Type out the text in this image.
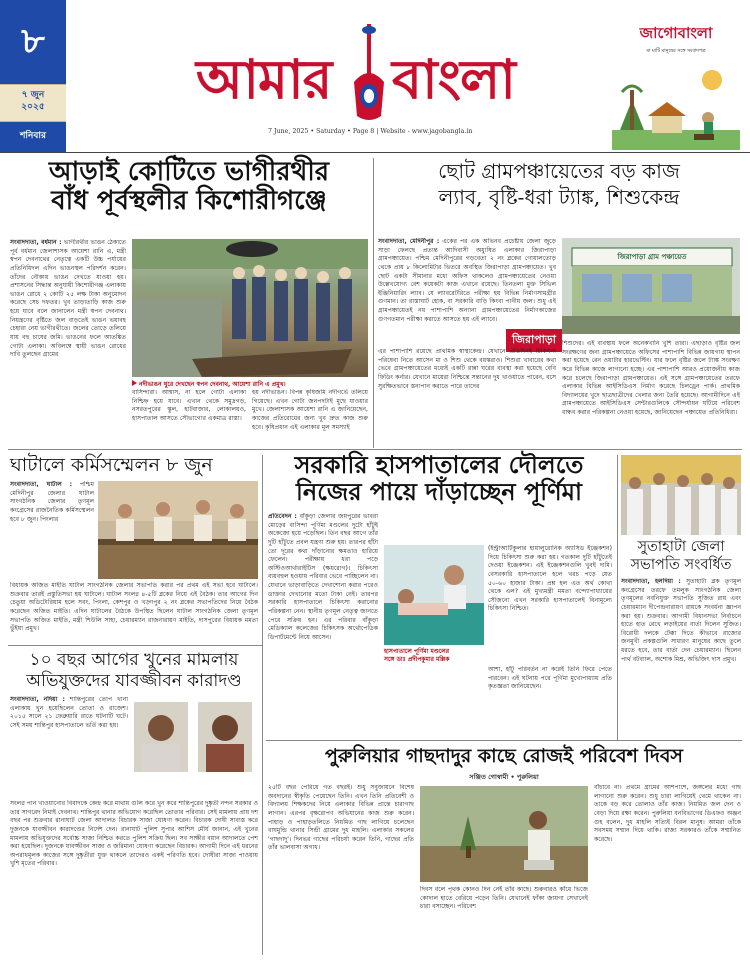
৮
৭ জুন ২০২৫
শনিবার
আমার বাংলা
7 June, 2025 • Saturday • Page 8 | Website - www.jagobangla.in
জাগোবাংলা
মা মাটি মানুষের সঙ্গে সংবাদপত্র
আড়াই কোটিতে ভাগীরথীর
বাঁধ পূর্বস্থলীর কিশোরীগঞ্জে
সংবাদদাতা, বর্ধমান : ভাগীরথীর ভাঙন ঠেকাতে পূর্ব বর্ধমান জেলাশাসক আয়েশা রানি এ, মন্ত্রী স্বপন দেবনাথের নেতৃত্বে একটি উচ্চ পর্যায়ের প্রতিনিধিদল এদিন ভাঙনস্থল পরিদর্শন করেন। তাঁদের নৌকায় ভাঙন দেখতে যাওয়া হয়। প্রশাসনের সিদ্ধান্ত অনুযায়ী কিশোরীগঞ্জ এলাকায় ভাঙন রোধে ২ কোটি ২৫ লক্ষ টাকা অনুমোদন করেছে সেচ দফতর। খুব তাড়াতাড়ি কাজ শুরু হয়ে যাবে বলে জানালেন মন্ত্রী স্বপন দেবনাথ। নিয়ন্ত্রণের বৃষ্টিতে জল বাড়তেই ভাঙন ভয়াবহ চেহারা নেয় ভাগীরথীতে। জলের তোড়ে তলিয়ে যায় বহু চাষের জমি। ভাঙনের ফলে আতঙ্কিত গোটা এলাকা। অবিলম্বে স্থায়ী ভাঙন রোধের দাবি তুলছেন গ্রামের
নদীভাঙন ঘুরে দেখছেন স্বপন দেবনাথ, আয়েশা রানি এ প্রমুখ।
বাসিন্দারা। আশ্বাস, না হলে গোটা এলাকা নিশ্চিহ্ন হয়ে যাবে। এখান থেকে সমুদ্রগড়, নসরতপুরের স্কুল, হাটবাজার, লোকালয়ও, হাসপাতাল আসতে সৌভাগ্যের একমাত্র রাস্তা।
হয় নদীভাঙন। বিপন্ন কৃষিজমি নদীগর্ভে তলিয়ে গিয়েছে। এখন গোটা জনপদটাই মুছে যাওয়ার মুখে। জেলাশাসক আয়েশা রানি এ জানিয়েছেন, কাজের প্রতিরোধের জন্য খুব দ্রুত কাজ শুরু হবে। কৃষিপ্রধান এই এলাকার মূল সমস্যাই
ছোট গ্রামপঞ্চায়েতের বড় কাজ
ল্যাব, বৃষ্টি-ধরা ট্যাঙ্ক, শিশুকেন্দ্র
সংবাদদাতা, মেদিনীপুর : একের পর এক অভিনব প্রচেষ্টায় জেলা জুড়ে সাড়া ফেলছে প্রত্যন্ত আদিবাসী অধ্যুষিত এলাকার জিরাপাড়া গ্রামপঞ্চায়েত। পশ্চিম মেদিনীপুরের গড়বেতা ২ নং ব্লকের গোয়ালতোড় থেকে প্রায় ৮ কিলোমিটার ভিতরে অবস্থিত জিরাপাড়া গ্রামপঞ্চায়েত। খুব ছোট একটা সীমানার মধ্যে অফিস থাকলেও গ্রামপঞ্চায়েতের নেওয়া উল্লেখযোগ্য বেশ কয়েকটা কাজ এখানে রয়েছে। তিনতলা মুক্ত সিভিল ইঞ্জিনিয়ারিং ল্যাব। যে ল্যাবরেটরিতে পরীক্ষা হয় বিভিন্ন নির্মাণসামগ্রীর গুণমান। তা রাস্তাঘাট হোক, বা সরকারি বাড়ি কিংবা পানীয় জল। শুধু এই গ্রামপঞ্চায়েতই নয় পাশাপাশি অন্যান্য গ্রামপঞ্চায়েতের নির্মাণকাজের গুণগতমান পরীক্ষা করাতে আসতে হয় এই ল্যাবে।
জিরাপাড়া
এর পাশাপাশি রয়েছে প্রাথমিক স্বাস্থ্যকেন্দ্র। যেখানে প্রতিদিনই চিকিৎসা পরিষেবা নিতে আসেন মা ও শিশু থেকে বয়স্করাও। শিশুরা খাবারের কথা ভেবে গ্রামপঞ্চায়েতের মধ্যেই একটি রান্না ঘরের ব্যবস্থা করা হয়েছে বেবি ফিডিং কর্নার। যেখানে মায়েরা নিশ্চিন্তে সন্তানের দুধ খাওয়াতে পারেন, বসে সুরক্ষিতভাবে স্তন্যপান করাতে পারে তাদের
জিরাপাড়া গ্রাম পঞ্চায়েত
শিশুদের। এই ব্যবস্থায় ফলে অনেকখানি খুশি তারা। এছাড়াও বৃষ্টির জল সংরক্ষণের জন্য গ্রামপঞ্চায়েতে অফিসের পাশাপাশি বিভিন্ন জায়গায় স্থাপন করা হয়েছে রেন ওয়াটার হারভেস্টিং। যার ফলে বৃষ্টির জলে ট্যাঙ্ক সংরক্ষণ করে বিভিন্ন কাজে লাগানো হচ্ছে। এর পাশাপাশি আরও প্রয়োজনীয় কাজ করে চলেছে জিরাপাড়া গ্রামপঞ্চায়েত। এই সঙ্গে গ্রামপঞ্চায়েতের তরফে এলাকার বিভিন্ন আইসিডিএস নির্মাণ করেছে চিলড্রেন পার্ক। প্রাথমিক বিদ্যালয়ের খুদে ছাত্রছাত্রীদের খেলার জন্য তৈরি হয়েছে। আগামীদিনে এই গ্রামপঞ্চায়েতে আইসিডিএস সেন্টারগুলিকে সৌন্দর্যায়ন ঘটিয়ে পরিবেশ বান্ধব করার পরিকল্পনা নেওয়া হয়েছে, জানিয়েছেন পঞ্চায়েত প্রতিনিধিরা।
ঘাটালে কর্মিসম্মেলন ৮ জুন
সংবাদদাতা, ঘাটাল : পশ্চিম মেদিনীপুর জেলার ঘাটাল সাংগঠনিক জেলার তৃণমূল কংগ্রেসের রাজনৈতিক কর্মিসম্মেলন হবে ৮ জুন। পিংলার
বিধায়ক অজিত মাইতি ঘাটাল সাংগঠনিক জেলার সভাপতি করার পর প্রথম এই সভা হবে ঘাটালে। শুক্রবার তারই প্রস্তুতিসভা হয় ঘাটালে। ঘাটাল সংলগ্ন ৪-৫টি ব্লকের নিয়ে এই বৈঠক। তার আগের দিন চেতুয়া অডিটোরিয়াম হলে সবং, পিংলা, কেশপুর ও খড়্গপুর ২ নং ব্লকের সভাপতিদের নিয়ে বৈঠক করেছেন অজিত মাইতি। এদিন ঘাটালের বৈঠকে উপস্থিত ছিলেন ঘাটাল সাংগঠনিক জেলা তৃণমূল সভাপতি অজিত মাইতি, মন্ত্রী শিউলি সাহা, চেয়ারম্যান রাজনারায়ণ মাইতি, দাসপুরের বিধায়ক মমতা ভুঁইয়া প্রমুখ।
১০ বছর আগের খুনের মামলায়
অভিযুক্তদের যাবজ্জীবন কারাদণ্ড
সংবাদদাতা, নদিয়া : শান্তিপুরের তোপ খানা এলাকায় খুন হয়েছিলেন তোতা ও রাজেশ। ২০১৫ সালে ২১ ফেব্রুয়ারি রাতে ঘটনাটি ঘটে। সেই সময় শান্তিপুর হাসপাতালে ভর্তি করা হয়।
সংলগ্ন পান খাওয়ানোর বিবাদকে কেন্দ্র করে মাথায় গুলি করে খুন করে শান্তিপুরের দুষ্কৃতী নন্দন সরকার ও তার সাগরেদ নিমাই দেবনাথ। শান্তিপুর থানার অভিযোগ করেছিল তোতার পরিবার। সেই মামলায় প্রায় দশ বছর পর শুক্রবার রানাঘাট জেলা আদালত বিচারক সাজা ঘোষণা করেন। বিচারক দোষী সাব্যস্ত করে দুজনকে যাবজ্জীবন কারাদণ্ডের নির্দেশ দেন। রানাঘাট পুলিশ সুপার আশিস মৌর্য জানান, এই খুনের মামলায় অভিযুক্তদের সর্বোচ্চ সাজা নিশ্চিত করতে পুলিশ সক্রিয় ছিল। সব সাক্ষীর বয়ান আদালতে পেশ করা হয়েছিল। দুজনকে যাবজ্জীবন সাজা ও জরিমানা ঘোষণা করেছেন বিচারক। আগামী দিনে এই ধরনের অপরাধমূলক কাজের সঙ্গে দুষ্কৃতীরা যুক্ত থাকলে তাদেরও একই পরিণতি হবে। দোষীরা সাজা পাওয়ায় খুশি মৃতের পরিবার।
সরকারি হাসপাতালের দৌলতে
নিজের পায়ে দাঁড়াচ্ছেন পূর্ণিমা
প্রতিবেদন : বাঁকুড়া জেলার জয়পুরের ভাবরা মোড়ের বাসিন্দা পূর্ণিমা মণ্ডলের দুটো হাঁটুই অকেজো হয়ে পড়েছিল। তিন বছর আগে তাঁর দুটি হাঁটুতে প্রবল যন্ত্রণা শুরু হয়। তারপর হাঁটা তো দূরের কথা দাঁড়ানোর ক্ষমতাও হারিয়ে ফেলেন। পরীক্ষায় ধরা পড়ে অস্টিওআর্থারাইটিস (ক্ষয়রোগ)। চিকিৎসা ব্যয়বহুল হওয়ায় পরিবার ভেবে পাচ্ছিলেন না। যেখানে ভাড়াবাড়িতে দেখাশোনা করার পরেও ডাক্তার দেখানোর মতো টাকা নেই। তারপর সরকারি হাসপাতালে চিকিৎসা করানোর পরিকল্পনা নেন। স্থানীয় তৃণমূল নেতৃত্ব জানতে পেরে সক্রিয় হন। এর পরিবার বাঁকুড়া মেডিক্যাল কলেজের চিকিৎসক অর্থোপেডিক ডিপার্টমেন্টে নিয়ে আসেন।
হাসপাতালে পূর্ণিমা মণ্ডলের
সঙ্গে ডাঃ প্রদীপকুমার মল্লিক
(ইন্ট্রাআর্টিকুলার হায়ালুরোনিক অ্যাসিড ইঞ্জেকশন) দিয়ে চিকিৎসা শুরু করা হয়। গতকাল দুটি হাঁটুতেই দেওয়া ইঞ্জেকশন। এই ইঞ্জেকশনগুলি খুবই দামি। বেসরকারি হাসপাতালে হলে খরচ পড়ে যেত ৫০-৬০ হাজার টাকা। প্রশ্ন হল এত অর্থ কোথা থেকে এল? এই মুখ্যমন্ত্রী মমতা বন্দ্যোপাধ্যায়ের সৌজন্যে এখন সরকারি হাসপাতালেই বিনামূল্যে চিকিৎসা নিশ্চিত।
আশা, হাঁটু পরিবর্তন না করেই তিনি ফিরে পেতে পারবেন। এই ঘটনায় পরে পূর্ণিমা মুখোপাধ্যায় প্রতি কৃতজ্ঞতা জানিয়েছেন।
সুতাহাটা জেলা
সভাপতি সংবর্ধিত
সংবাদদাতা, হলদিয়া : সুতাহাটা ব্লক তৃণমূল কংগ্রেসের তরফে তমলুক সাংগঠনিক জেলা তৃণমূলের নবনিযুক্ত সভাপতি সুজিত রায় এবং চেয়ারম্যান দীপেন্দ্রনারায়ণ রায়কে সংবর্ধনা জ্ঞাপন করা হয়। শুক্রবার। আগামী বিধানসভা নির্বাচনে হাতে হাত রেখে লড়াইয়ের বার্তা দিলেন সুজিত। বিরোধী দলকে টেক্কা দিতে কীভাবে রাজ্যের জনমুখী প্রকল্পগুলি সাধারণ মানুষের কাছে তুলে ধরতে হবে, তার বার্তা দেন চেয়ারম্যান। ছিলেন পার্থ বটব্যাল, অশোক মিশ্র, অভিজিৎ দাস প্রমুখ।
পুরুলিয়ার গাছদাদুর কাছে রোজই পরিবেশ দিবস
সঞ্জিত গোস্বামী • পুরুলিয়া
২৫টি বছর পেরিয়ে গত বছরই। শুধু সবুজায়নে বিশেষ অবদানের স্বীকৃতি পেয়েছেন তিনি। এখন তিনি প্রতিবেশী ও বিদ্যালয় শিক্ষকদের নিয়ে এলাকার বিভিন্ন প্রান্তে চারাগাছ লাগান। এরপর বৃক্ষরোপণ অভিযানের কাজ শুরু করেন। পাহাড় ও পাহাড়তলিতে নিয়মিত গাছ লাগিয়ে চলেছেন বাঘমুন্ডি থানার সিন্দ্রী গ্রামের দুধ মাহলি। এলাকার সকলের 'গাছদাদু'। দিনভর গাছের পরিচর্যা করেন তিনি, গাছের প্রতি তাঁর ভালবাসা অগাধ।
দিবস বলে পৃথক কোনও দিন নেই তাঁর কাছে। শুরুবারও কাঁধে ভিজে কোদাল হাতে বেরিয়ে পড়েন তিনি। যেখানেই ফাঁকা জায়গা সেখানেই চারা বসাচ্ছেন। পরিবেশ
বাঁচাবে না। প্রথমে গ্রামের আশপাশে, জঙ্গলের মধ্যে গাছ লাগানো শুরু করেন। শুধু চারা লাগিয়েই থেমে থাকেন না। তাকে বড় করে তোলাও তাঁর কাজ। নিয়মিত জল দেন ও বেড়া দিয়ে রক্ষা করেন। পুরুলিয়া বনবিভাগের ডিএফও অঞ্জন গুহ বলেন, দুধ মাহলি সত্যিই বিরল মানুষ। আমরা তাঁকে সবসময় সম্মান দিয়ে থাকি। রাজ্য সরকারও তাঁকে সম্মানিত করেছে।
